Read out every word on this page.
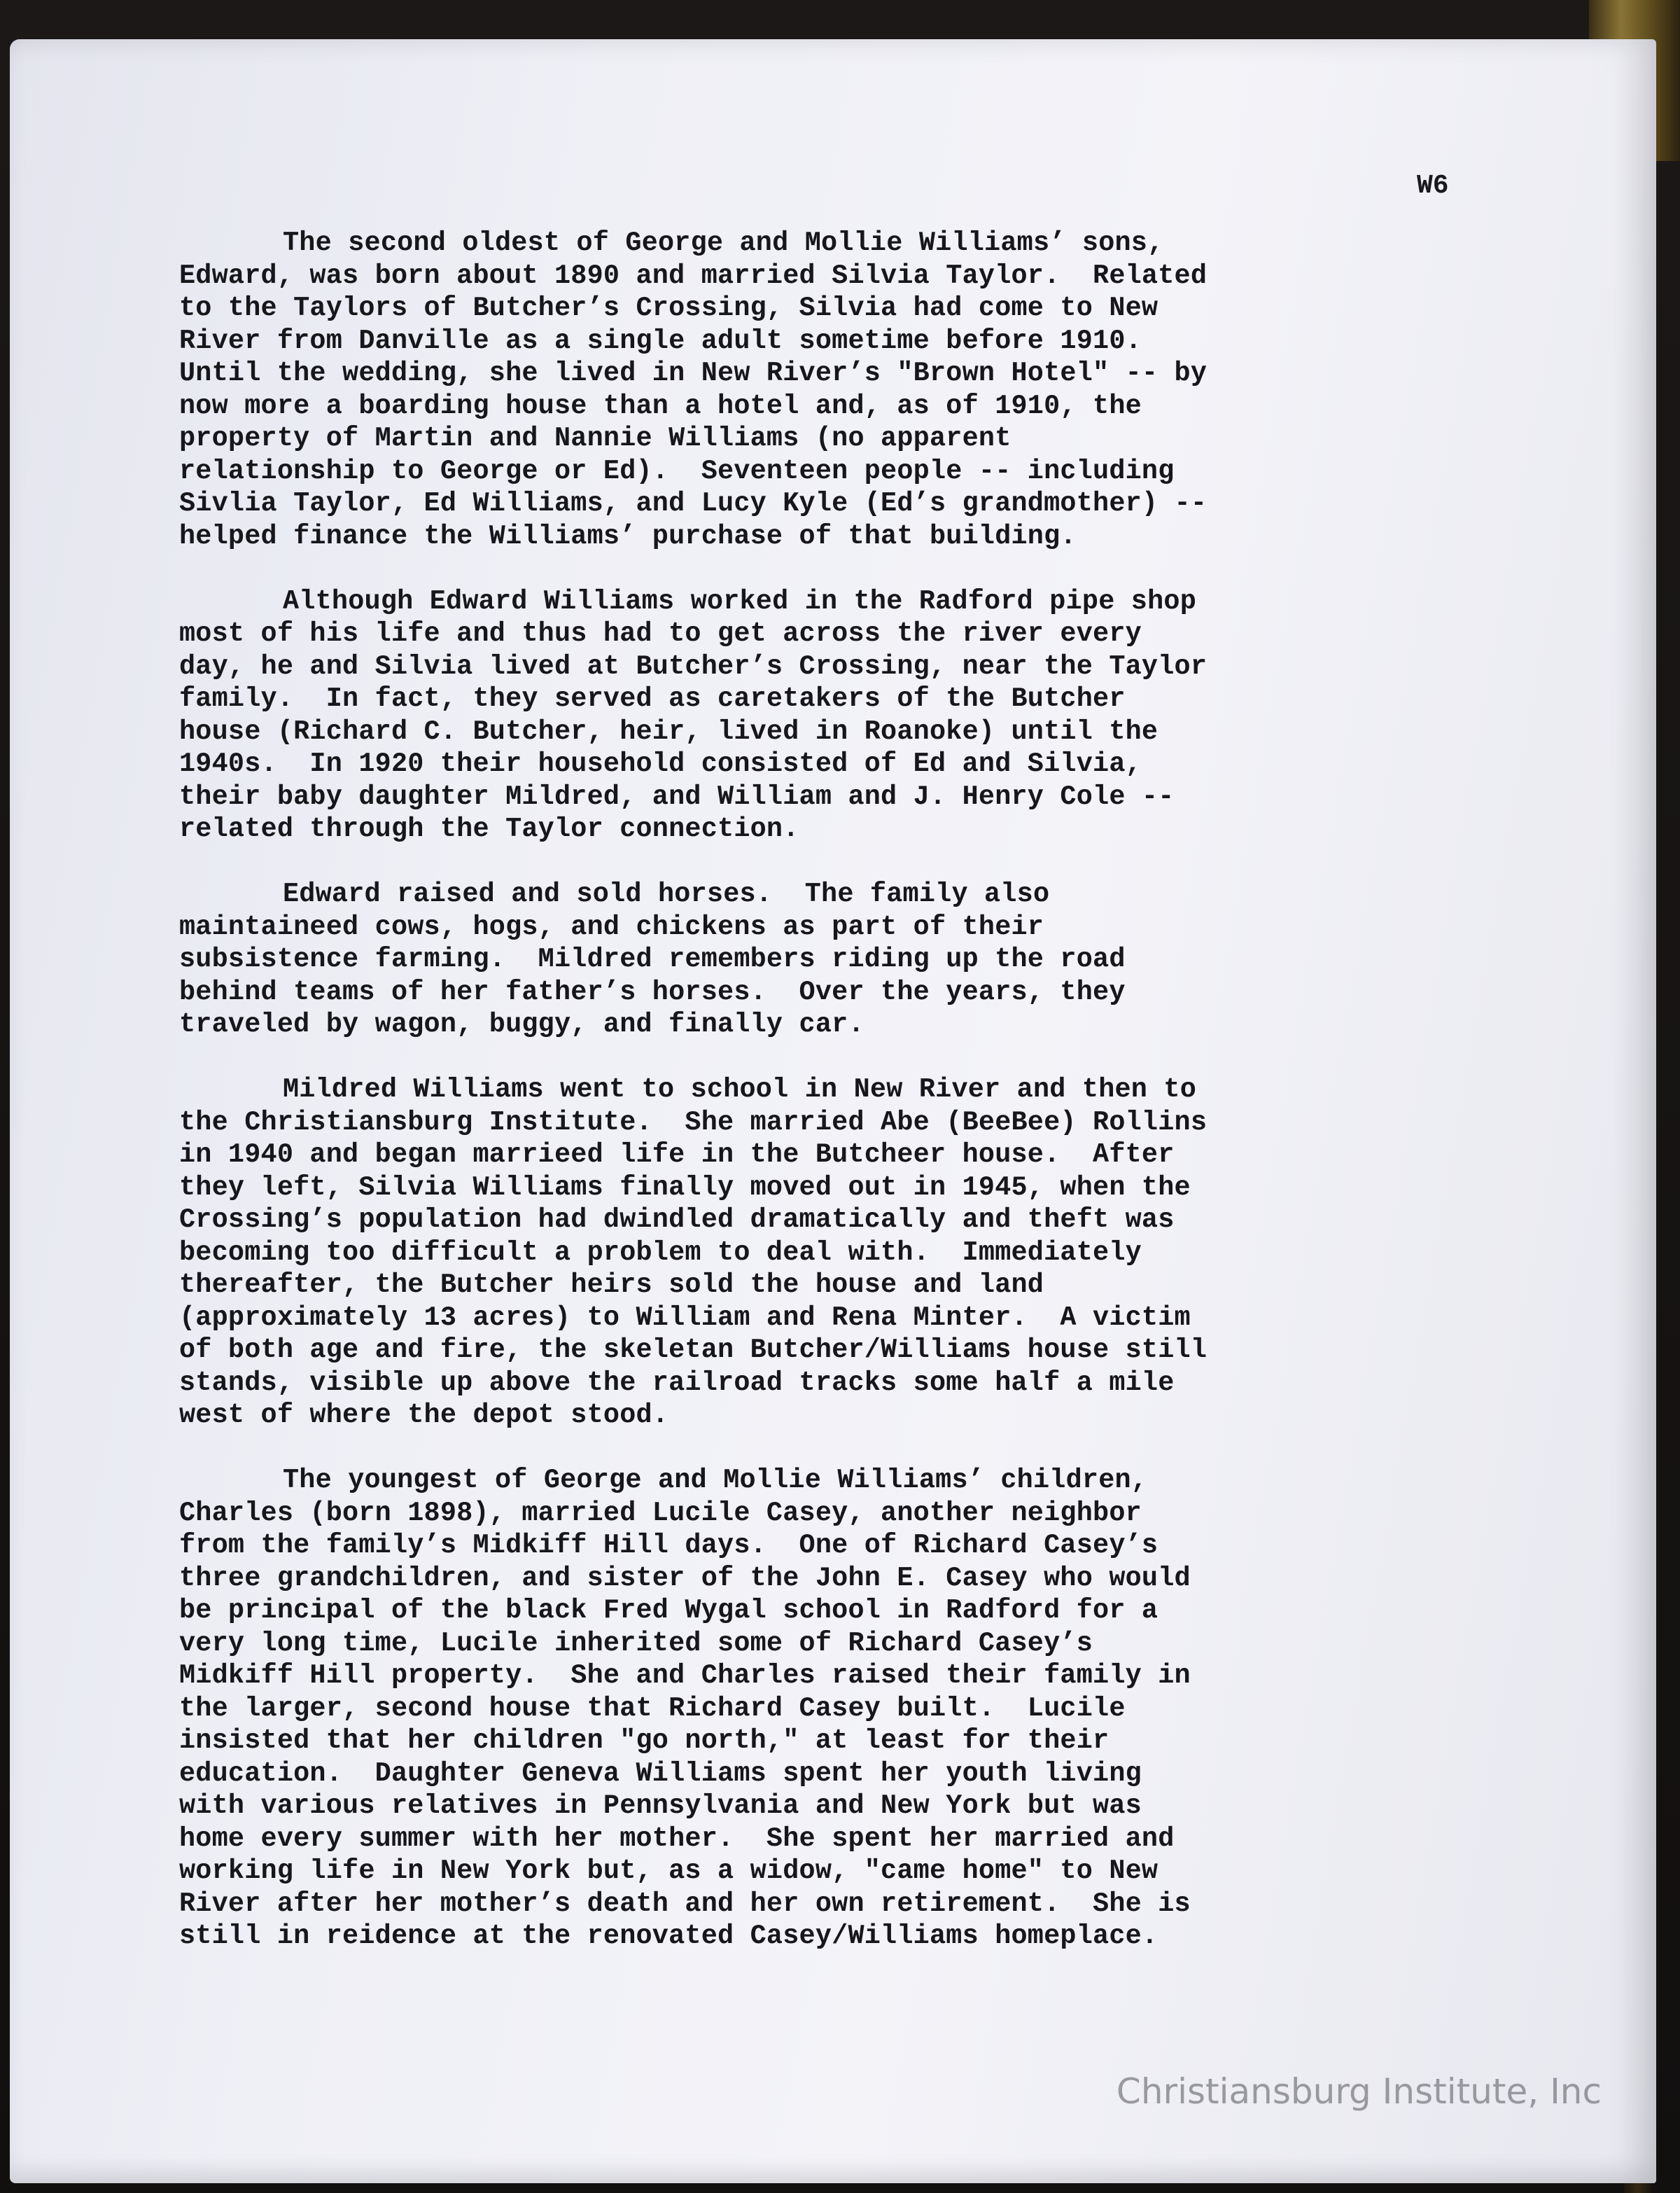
W6

The second oldest of George and Mollie Williams’ sons,
Edward, was born about 1890 and married Silvia Taylor.  Related
to the Taylors of Butcher’s Crossing, Silvia had come to New
River from Danville as a single adult sometime before 1910.
Until the wedding, she lived in New River’s "Brown Hotel" -- by
now more a boarding house than a hotel and, as of 1910, the
property of Martin and Nannie Williams (no apparent
relationship to George or Ed).  Seventeen people -- including
Sivlia Taylor, Ed Williams, and Lucy Kyle (Ed’s grandmother) --
helped finance the Williams’ purchase of that building.
Although Edward Williams worked in the Radford pipe shop
most of his life and thus had to get across the river every
day, he and Silvia lived at Butcher’s Crossing, near the Taylor
family.  In fact, they served as caretakers of the Butcher
house (Richard C. Butcher, heir, lived in Roanoke) until the
1940s.  In 1920 their household consisted of Ed and Silvia,
their baby daughter Mildred, and William and J. Henry Cole --
related through the Taylor connection.
Edward raised and sold horses.  The family also
maintaineed cows, hogs, and chickens as part of their
subsistence farming.  Mildred remembers riding up the road
behind teams of her father’s horses.  Over the years, they
traveled by wagon, buggy, and finally car.
Mildred Williams went to school in New River and then to
the Christiansburg Institute.  She married Abe (BeeBee) Rollins
in 1940 and began marrieed life in the Butcheer house.  After
they left, Silvia Williams finally moved out in 1945, when the
Crossing’s population had dwindled dramatically and theft was
becoming too difficult a problem to deal with.  Immediately
thereafter, the Butcher heirs sold the house and land
(approximately 13 acres) to William and Rena Minter.  A victim
of both age and fire, the skeletan Butcher/Williams house still
stands, visible up above the railroad tracks some half a mile
west of where the depot stood.
The youngest of George and Mollie Williams’ children,
Charles (born 1898), married Lucile Casey, another neighbor
from the family’s Midkiff Hill days.  One of Richard Casey’s
three grandchildren, and sister of the John E. Casey who would
be principal of the black Fred Wygal school in Radford for a
very long time, Lucile inherited some of Richard Casey’s
Midkiff Hill property.  She and Charles raised their family in
the larger, second house that Richard Casey built.  Lucile
insisted that her children "go north," at least for their
education.  Daughter Geneva Williams spent her youth living
with various relatives in Pennsylvania and New York but was
home every summer with her mother.  She spent her married and
working life in New York but, as a widow, "came home" to New
River after her mother’s death and her own retirement.  She is
still in reidence at the renovated Casey/Williams homeplace.

Christiansburg Institute, Inc
